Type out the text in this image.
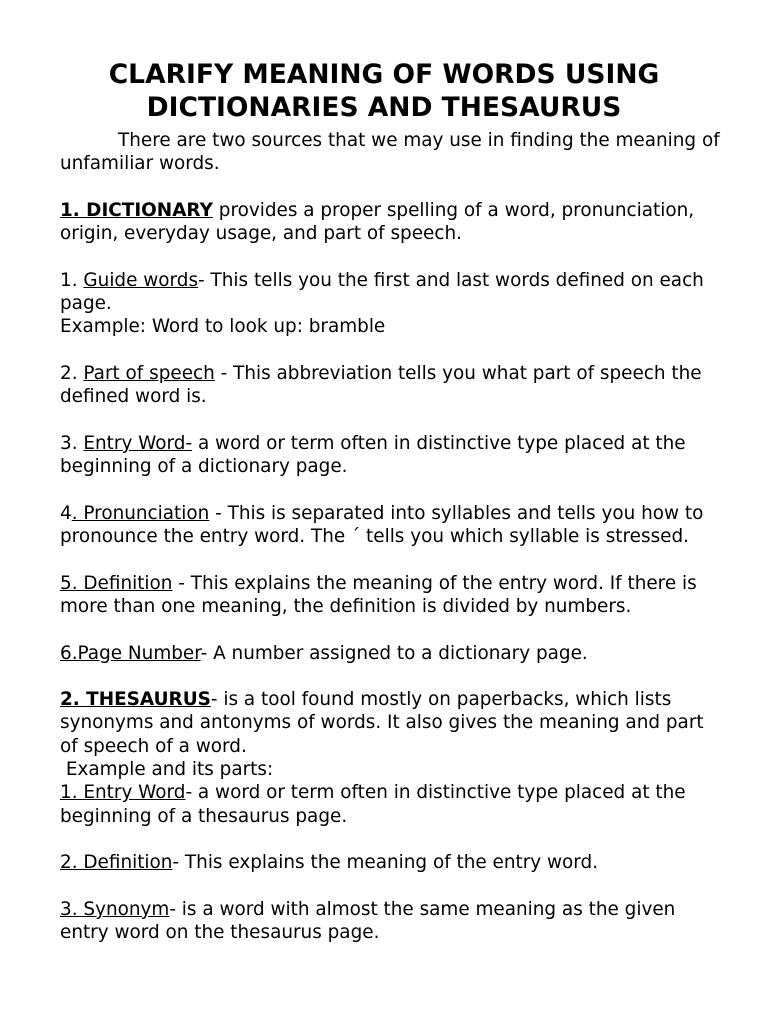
CLARIFY MEANING OF WORDS USING
DICTIONARIES AND THESAURUS

There are two sources that we may use in finding the meaning of unfamiliar words.

1. DICTIONARY provides a proper spelling of a word, pronunciation, origin, everyday usage, and part of speech.

1. Guide words- This tells you the first and last words defined on each page.

Example: Word to look up: bramble

2. Part of speech - This abbreviation tells you what part of speech the defined word is.

3. Entry Word- a word or term often in distinctive type placed at the beginning of a dictionary page.

4. Pronunciation - This is separated into syllables and tells you how to pronounce the entry word. The ´ tells you which syllable is stressed.

5. Definition - This explains the meaning of the entry word. If there is more than one meaning, the definition is divided by numbers.

6.Page Number- A number assigned to a dictionary page.

2. THESAURUS- is a tool found mostly on paperbacks, which lists synonyms and antonyms of words. It also gives the meaning and part of speech of a word.

Example and its parts:

1. Entry Word- a word or term often in distinctive type placed at the beginning of a thesaurus page.

2. Definition- This explains the meaning of the entry word.

3. Synonym- is a word with almost the same meaning as the given entry word on the thesaurus page.
